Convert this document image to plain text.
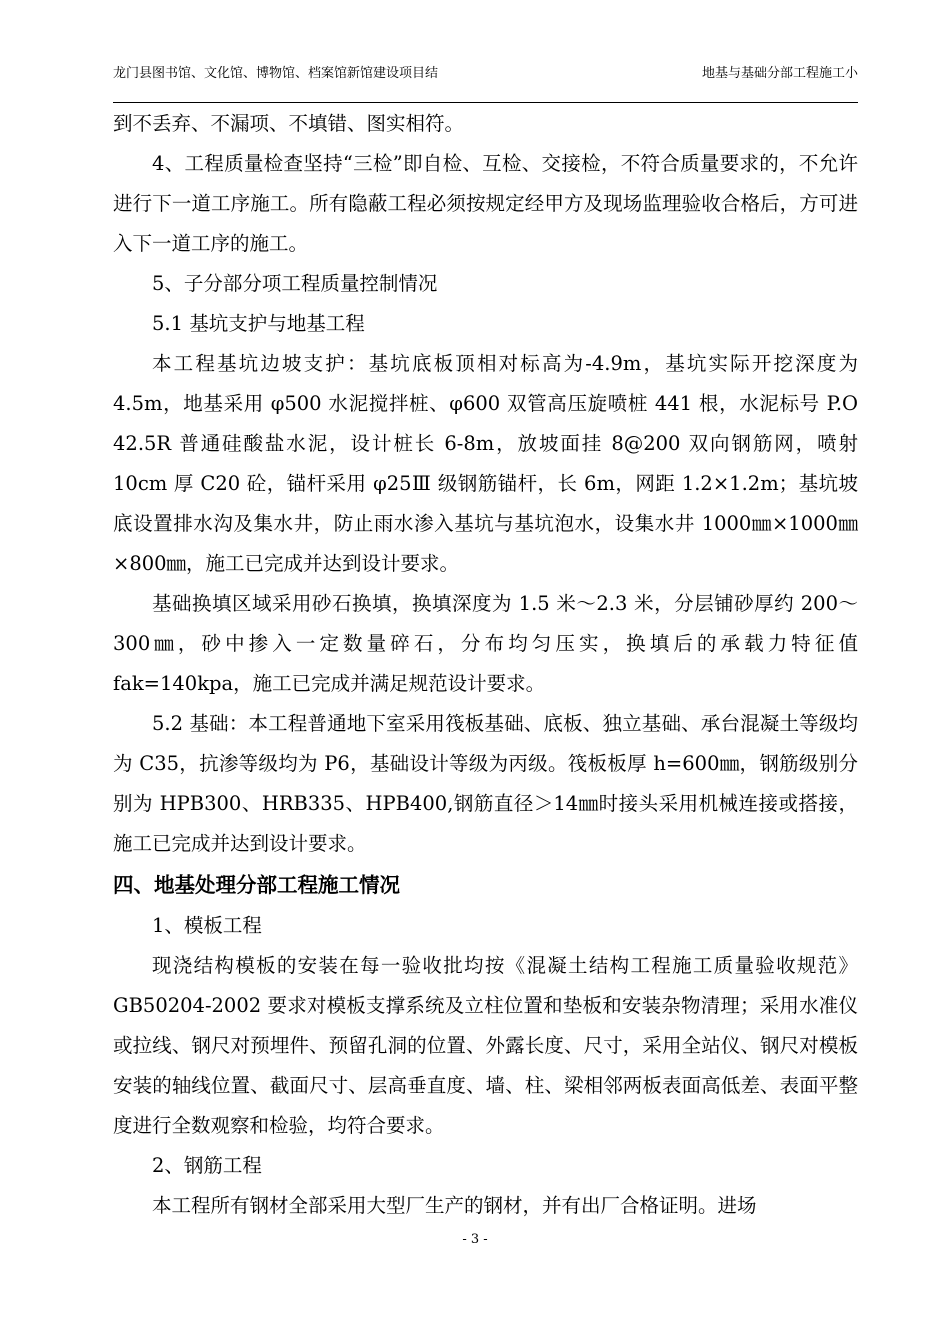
龙门县图书馆、文化馆、博物馆、档案馆新馆建设项目结	地基与基础分部工程施工小

到不丢弃、不漏项、不填错、图实相符。

4、工程质量检查坚持“三检”即自检、互检、交接检，不符合质量要求的，不允许进行下一道工序施工。所有隐蔽工程必须按规定经甲方及现场监理验收合格后，方可进入下一道工序的施工。

5、子分部分项工程质量控制情况

5.1 基坑支护与地基工程

本工程基坑边坡支护：基坑底板顶相对标高为-4.9m，基坑实际开挖深度为 4.5m，地基采用 φ500 水泥搅拌桩、φ600 双管高压旋喷桩 441 根，水泥标号 P.O 42.5R 普通硅酸盐水泥，设计桩长 6-8m，放坡面挂 8@200 双向钢筋网，喷射 10cm 厚 C20 砼，锚杆采用 φ25Ⅲ 级钢筋锚杆，长 6m，网距 1.2×1.2m；基坑坡底设置排水沟及集水井，防止雨水渗入基坑与基坑泡水，设集水井 1000㎜×1000㎜×800㎜，施工已完成并达到设计要求。

基础换填区域采用砂石换填，换填深度为 1.5 米～2.3 米，分层铺砂厚约 200～300㎜，砂中掺入一定数量碎石，分布均匀压实，换填后的承载力特征值 fak=140kpa，施工已完成并满足规范设计要求。

5.2 基础：本工程普通地下室采用筏板基础、底板、独立基础、承台混凝土等级均为 C35，抗渗等级均为 P6，基础设计等级为丙级。筏板板厚 h=600㎜，钢筋级别分别为 HPB300、HRB335、HPB400,钢筋直径＞14㎜时接头采用机械连接或搭接，施工已完成并达到设计要求。

四、地基处理分部工程施工情况

1、模板工程

现浇结构模板的安装在每一验收批均按《混凝土结构工程施工质量验收规范》GB50204-2002 要求对模板支撑系统及立柱位置和垫板和安装杂物清理；采用水准仪或拉线、钢尺对预埋件、预留孔洞的位置、外露长度、尺寸，采用全站仪、钢尺对模板安装的轴线位置、截面尺寸、层高垂直度、墙、柱、梁相邻两板表面高低差、表面平整度进行全数观察和检验，均符合要求。

2、钢筋工程

本工程所有钢材全部采用大型厂生产的钢材，并有出厂合格证明。进场

- 3 -
